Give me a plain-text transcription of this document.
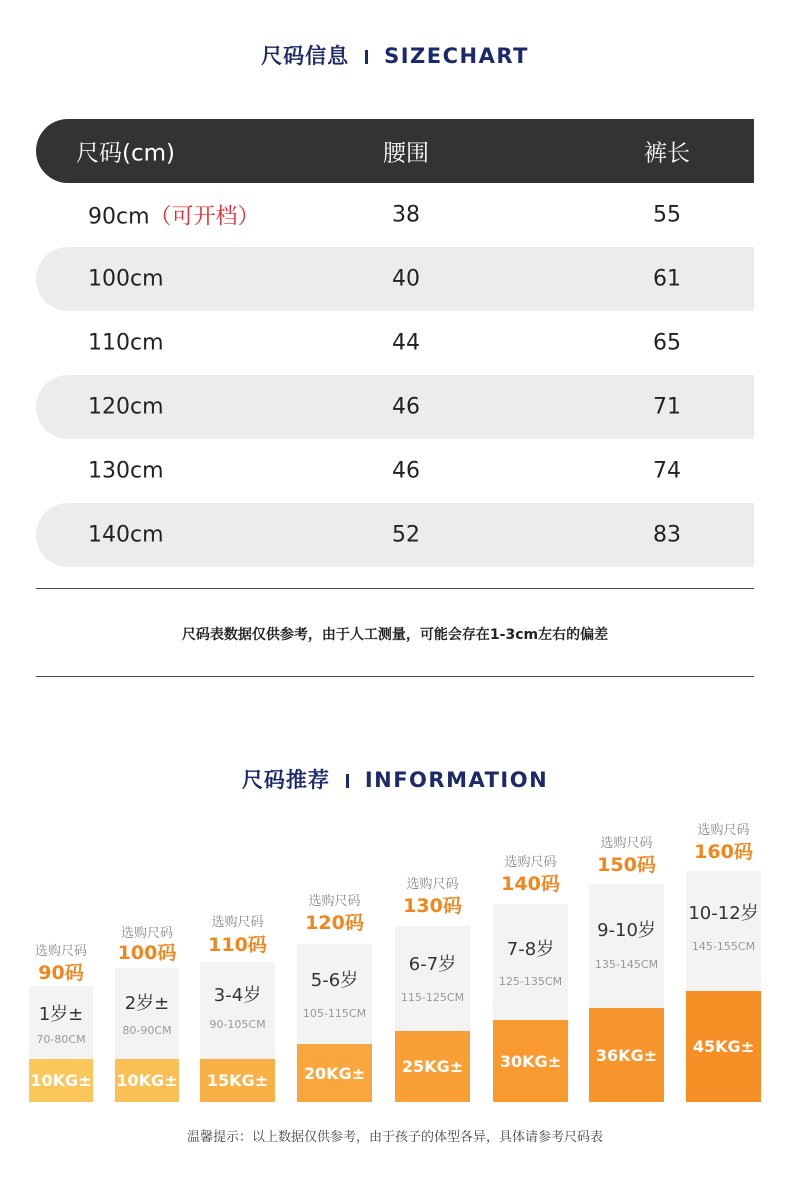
尺码信息 SIZECHART
尺码(cm)	腰围	裤长
90cm（可开档）	38	55
100cm	40	61
110cm	44	65
120cm	46	71
130cm	46	74
140cm	52	83
尺码表数据仅供参考，由于人工测量，可能会存在1-3cm左右的偏差
尺码推荐 INFORMATION
选购尺码
90码
1岁±
70-80CM
10KG±
选购尺码
100码
2岁±
80-90CM
10KG±
选购尺码
110码
3-4岁
90-105CM
15KG±
选购尺码
120码
5-6岁
105-115CM
20KG±
选购尺码
130码
6-7岁
115-125CM
25KG±
选购尺码
140码
7-8岁
125-135CM
30KG±
选购尺码
150码
9-10岁
135-145CM
36KG±
选购尺码
160码
10-12岁
145-155CM
45KG±
温馨提示：以上数据仅供参考，由于孩子的体型各异，具体请参考尺码表
